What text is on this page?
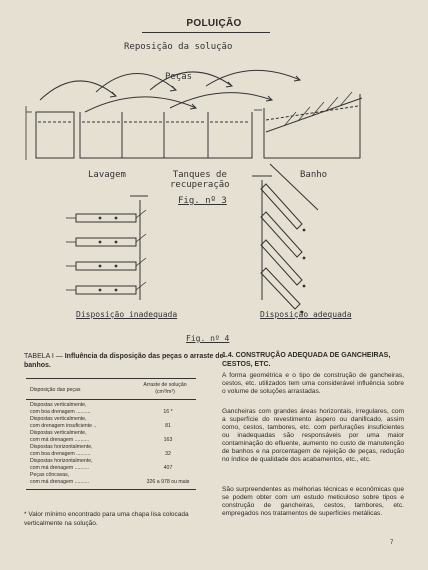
POLUIÇÃO
Reposição da solução
Peças
Lavagem	Tanques de
recuperação
Banho
Fig. nº 3
Disposição inadequada	Disposição adequada
Fig. nº 4
TABELA I — Influência da disposição das peças o arraste de banhos.
Disposição das peças
Arraste de solução
(cm³/m²)
Dispostas verticalmente,
com boa drenagem ..........	16 *
Dispostas verticalmente,
com drenagem insuficiente ..	81
Dispostas verticalmente,
com má drenagem ..........	163
Dispostas horizontalmente,
com boa drenagem ..........	32
Dispostas horizontalmente,
com má drenagem ..........	407
Peças côncavas,
com má drenagem ..........	326 a 978 ou mais
* Valor mínimo encontrado para uma chapa lisa colocada verticalmente na solução.
1.4. CONSTRUÇÃO ADEQUADA DE GANCHEIRAS, CESTOS, ETC.
A forma geométrica e o tipo de construção de gancheiras, cestos, etc. utilizados tem uma considerável influência sobre o volume de soluções arrastadas.
Gancheiras com grandes áreas horizontais, irregulares, com a superfície do revestimento áspero ou danificado, assim como, cestos, tambores, etc. com perfurações insuficientes ou inadequadas são responsáveis por uma maior contaminação do efluente, aumento no custo de manutenção de banhos e na porcentagem de rejeição de peças, redução no índice de qualidade dos acabamentos, etc., etc.
São surpreendentes as melhorias técnicas e econômicas que se podem obter com um estudo meticuloso sobre tipos e construção de gancheiras, cestos, tambores, etc. empregados nos tratamentos de superfícies metálicas.
7
